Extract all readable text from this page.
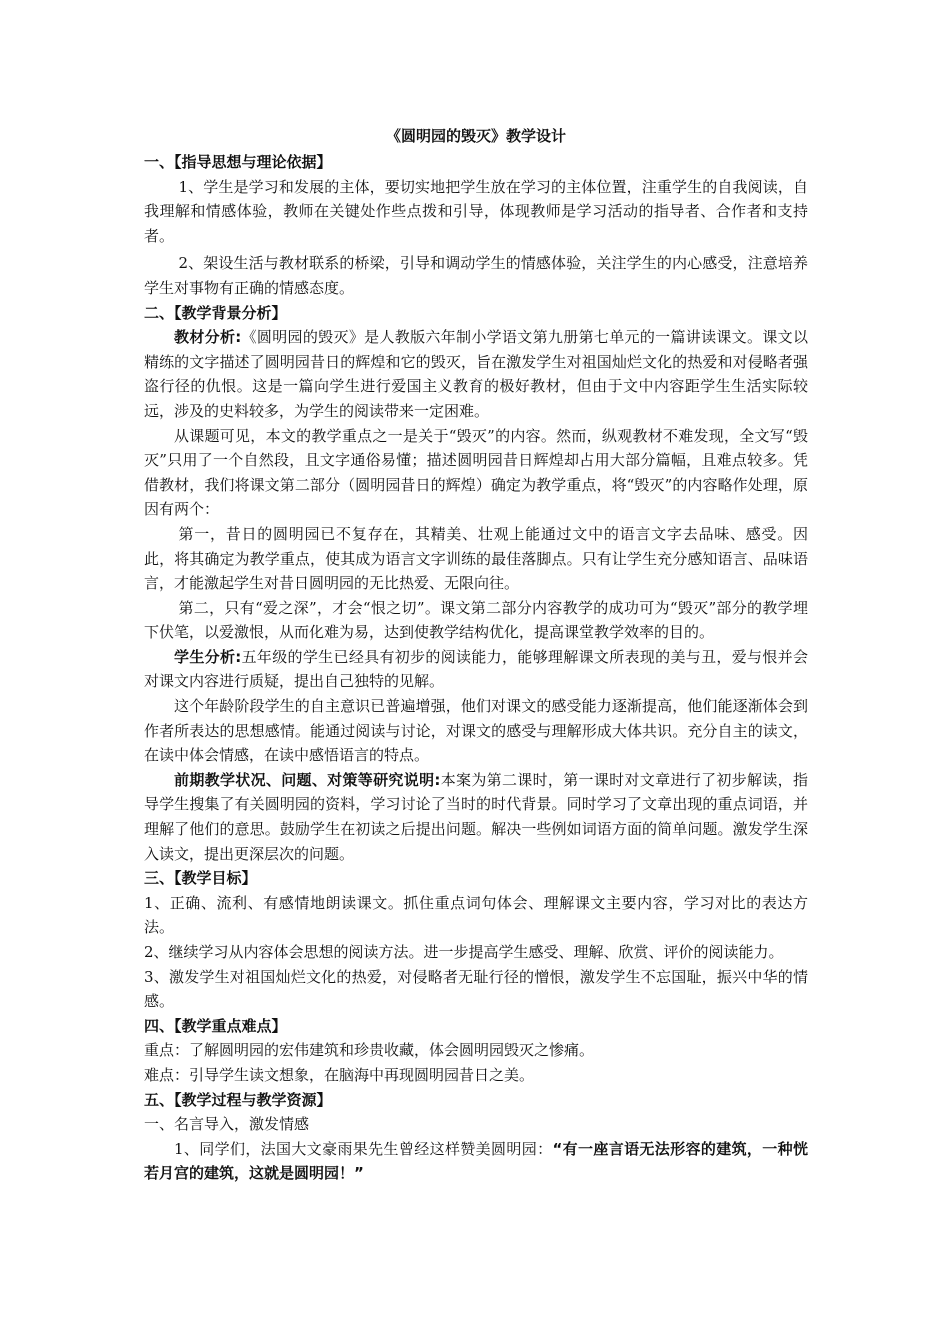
《圆明园的毁灭》教学设计
一、【指导思想与理论依据】

1、学生是学习和发展的主体，要切实地把学生放在学习的主体位置，注重学生的自我阅读，自我理解和情感体验，教师在关键处作些点拨和引导，体现教师是学习活动的指导者、合作者和支持者。

2、架设生活与教材联系的桥梁，引导和调动学生的情感体验，关注学生的内心感受，注意培养学生对事物有正确的情感态度。

二、【教学背景分析】

教材分析:《圆明园的毁灭》是人教版六年制小学语文第九册第七单元的一篇讲读课文。课文以精练的文字描述了圆明园昔日的辉煌和它的毁灭，旨在激发学生对祖国灿烂文化的热爱和对侵略者强盗行径的仇恨。这是一篇向学生进行爱国主义教育的极好教材，但由于文中内容距学生生活实际较远，涉及的史料较多，为学生的阅读带来一定困难。

从课题可见，本文的教学重点之一是关于“毁灭”的内容。然而，纵观教材不难发现，全文写“毁灭”只用了一个自然段，且文字通俗易懂；描述圆明园昔日辉煌却占用大部分篇幅，且难点较多。凭借教材，我们将课文第二部分（圆明园昔日的辉煌）确定为教学重点，将“毁灭”的内容略作处理，原因有两个：

第一，昔日的圆明园已不复存在，其精美、壮观上能通过文中的语言文字去品味、感受。因此，将其确定为教学重点，使其成为语言文字训练的最佳落脚点。只有让学生充分感知语言、品味语言，才能激起学生对昔日圆明园的无比热爱、无限向往。

第二，只有“爱之深”，才会“恨之切”。课文第二部分内容教学的成功可为“毁灭”部分的教学埋下伏笔，以爱激恨，从而化难为易，达到使教学结构优化，提高课堂教学效率的目的。

学生分析:五年级的学生已经具有初步的阅读能力，能够理解课文所表现的美与丑，爱与恨并会对课文内容进行质疑，提出自己独特的见解。

这个年龄阶段学生的自主意识已普遍增强，他们对课文的感受能力逐渐提高，他们能逐渐体会到作者所表达的思想感情。能通过阅读与讨论，对课文的感受与理解形成大体共识。充分自主的读文，在读中体会情感，在读中感悟语言的特点。

前期教学状况、问题、对策等研究说明:本案为第二课时，第一课时对文章进行了初步解读，指导学生搜集了有关圆明园的资料，学习讨论了当时的时代背景。同时学习了文章出现的重点词语，并理解了他们的意思。鼓励学生在初读之后提出问题。解决一些例如词语方面的简单问题。激发学生深入读文，提出更深层次的问题。

三、【教学目标】

1、正确、流利、有感情地朗读课文。抓住重点词句体会、理解课文主要内容，学习对比的表达方法。

2、继续学习从内容体会思想的阅读方法。进一步提高学生感受、理解、欣赏、评价的阅读能力。

3、激发学生对祖国灿烂文化的热爱，对侵略者无耻行径的憎恨，激发学生不忘国耻，振兴中华的情感。

四、【教学重点难点】

重点：了解圆明园的宏伟建筑和珍贵收藏，体会圆明园毁灭之惨痛。

难点：引导学生读文想象，在脑海中再现圆明园昔日之美。

五、【教学过程与教学资源】

一、名言导入，激发情感

1、同学们，法国大文豪雨果先生曾经这样赞美圆明园：“有一座言语无法形容的建筑，一种恍若月宫的建筑，这就是圆明园！”
